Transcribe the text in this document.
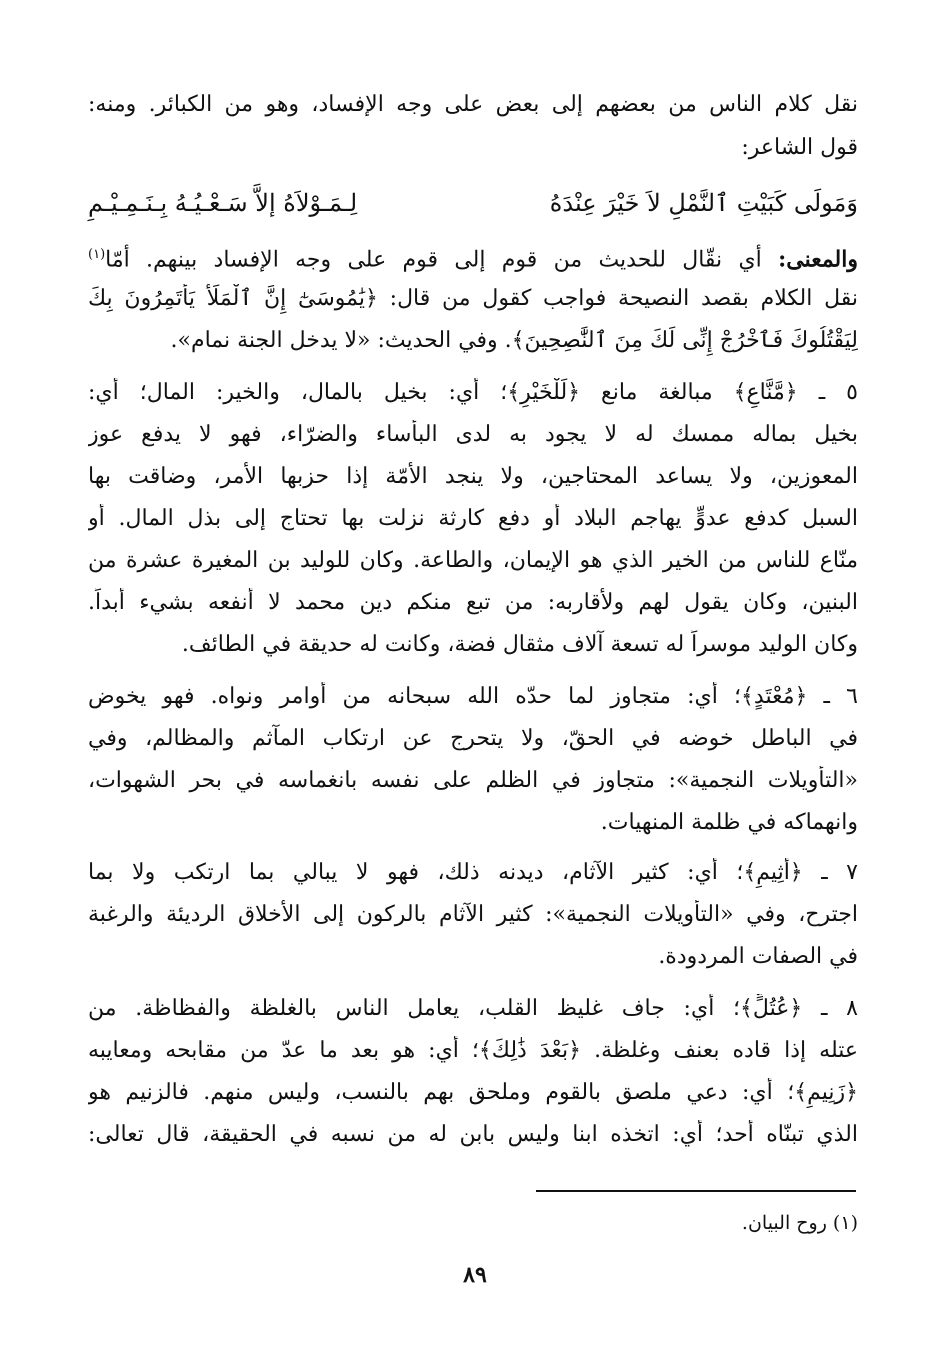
نقل كلام الناس من بعضهم إلى بعض على وجه الإفساد، وهو من الكبائر. ومنه:
قول الشاعر:
وَمَولَى كَبَيْتِ ٱلنَّمْلِ لاَ خَيْرَ عِنْدَهُ
لِـمَـوْلاَهُ إلاَّ سَـعْـيُـهُ بِـنَـمِـيْـمِ
والمعنى: أي نقّال للحديث من قوم إلى قوم على وجه الإفساد بينهم. أمّا$^{(١)}$
نقل الكلام بقصد النصيحة فواجب كقول من قال: ﴿يَٰمُوسَىٰٓ إِنَّ ٱلْمَلَأَ يَأْتَمِرُونَ بِكَ
لِيَقْتُلُوكَ فَٱخْرُجْ إِنِّى لَكَ مِنَ ٱلنَّٰصِحِينَ﴾. وفي الحديث: «لا يدخل الجنة نمام».
٥ ـ ﴿مَّنَّاعٍ﴾ مبالغة مانع ﴿لِّلْخَيْرِ﴾؛ أي: بخيل بالمال، والخير: المال؛ أي:
بخيل بماله ممسك له لا يجود به لدى البأساء والضرّاء، فهو لا يدفع عوز
المعوزين، ولا يساعد المحتاجين، ولا ينجد الأمّة إذا حزبها الأمر، وضاقت بها
السبل كدفع عدوٍّ يهاجم البلاد أو دفع كارثة نزلت بها تحتاج إلى بذل المال. أو
منّاع للناس من الخير الذي هو الإيمان، والطاعة. وكان للوليد بن المغيرة عشرة من
البنين، وكان يقول لهم ولأقاربه: من تبع منكم دين محمد لا أنفعه بشيء أبداً.
وكان الوليد موسراً له تسعة آلاف مثقال فضة، وكانت له حديقة في الطائف.
٦ ـ ﴿مُعْتَدٍ﴾؛ أي: متجاوز لما حدّه الله سبحانه من أوامر ونواه. فهو يخوض
في الباطل خوضه في الحقّ، ولا يتحرج عن ارتكاب المآثم والمظالم، وفي
«التأويلات النجمية»: متجاوز في الظلم على نفسه بانغماسه في بحر الشهوات،
وانهماكه في ظلمة المنهيات.
٧ ـ ﴿أَثِيمٍ﴾؛ أي: كثير الآثام، ديدنه ذلك، فهو لا يبالي بما ارتكب ولا بما
اجترح، وفي «التأويلات النجمية»: كثير الآثام بالركون إلى الأخلاق الرديئة والرغبة
في الصفات المردودة.
٨ ـ ﴿عُتُلٍّ﴾؛ أي: جاف غليظ القلب، يعامل الناس بالغلظة والفظاظة. من
عتله إذا قاده بعنف وغلظة. ﴿بَعْدَ ذَٰلِكَ﴾؛ أي: هو بعد ما عدّ من مقابحه ومعايبه
﴿زَنِيمٍ﴾؛ أي: دعي ملصق بالقوم وملحق بهم بالنسب، وليس منهم. فالزنيم هو
الذي تبنّاه أحد؛ أي: اتخذه ابنا وليس بابن له من نسبه في الحقيقة، قال تعالى:
(١) روح البيان.
٨٩
